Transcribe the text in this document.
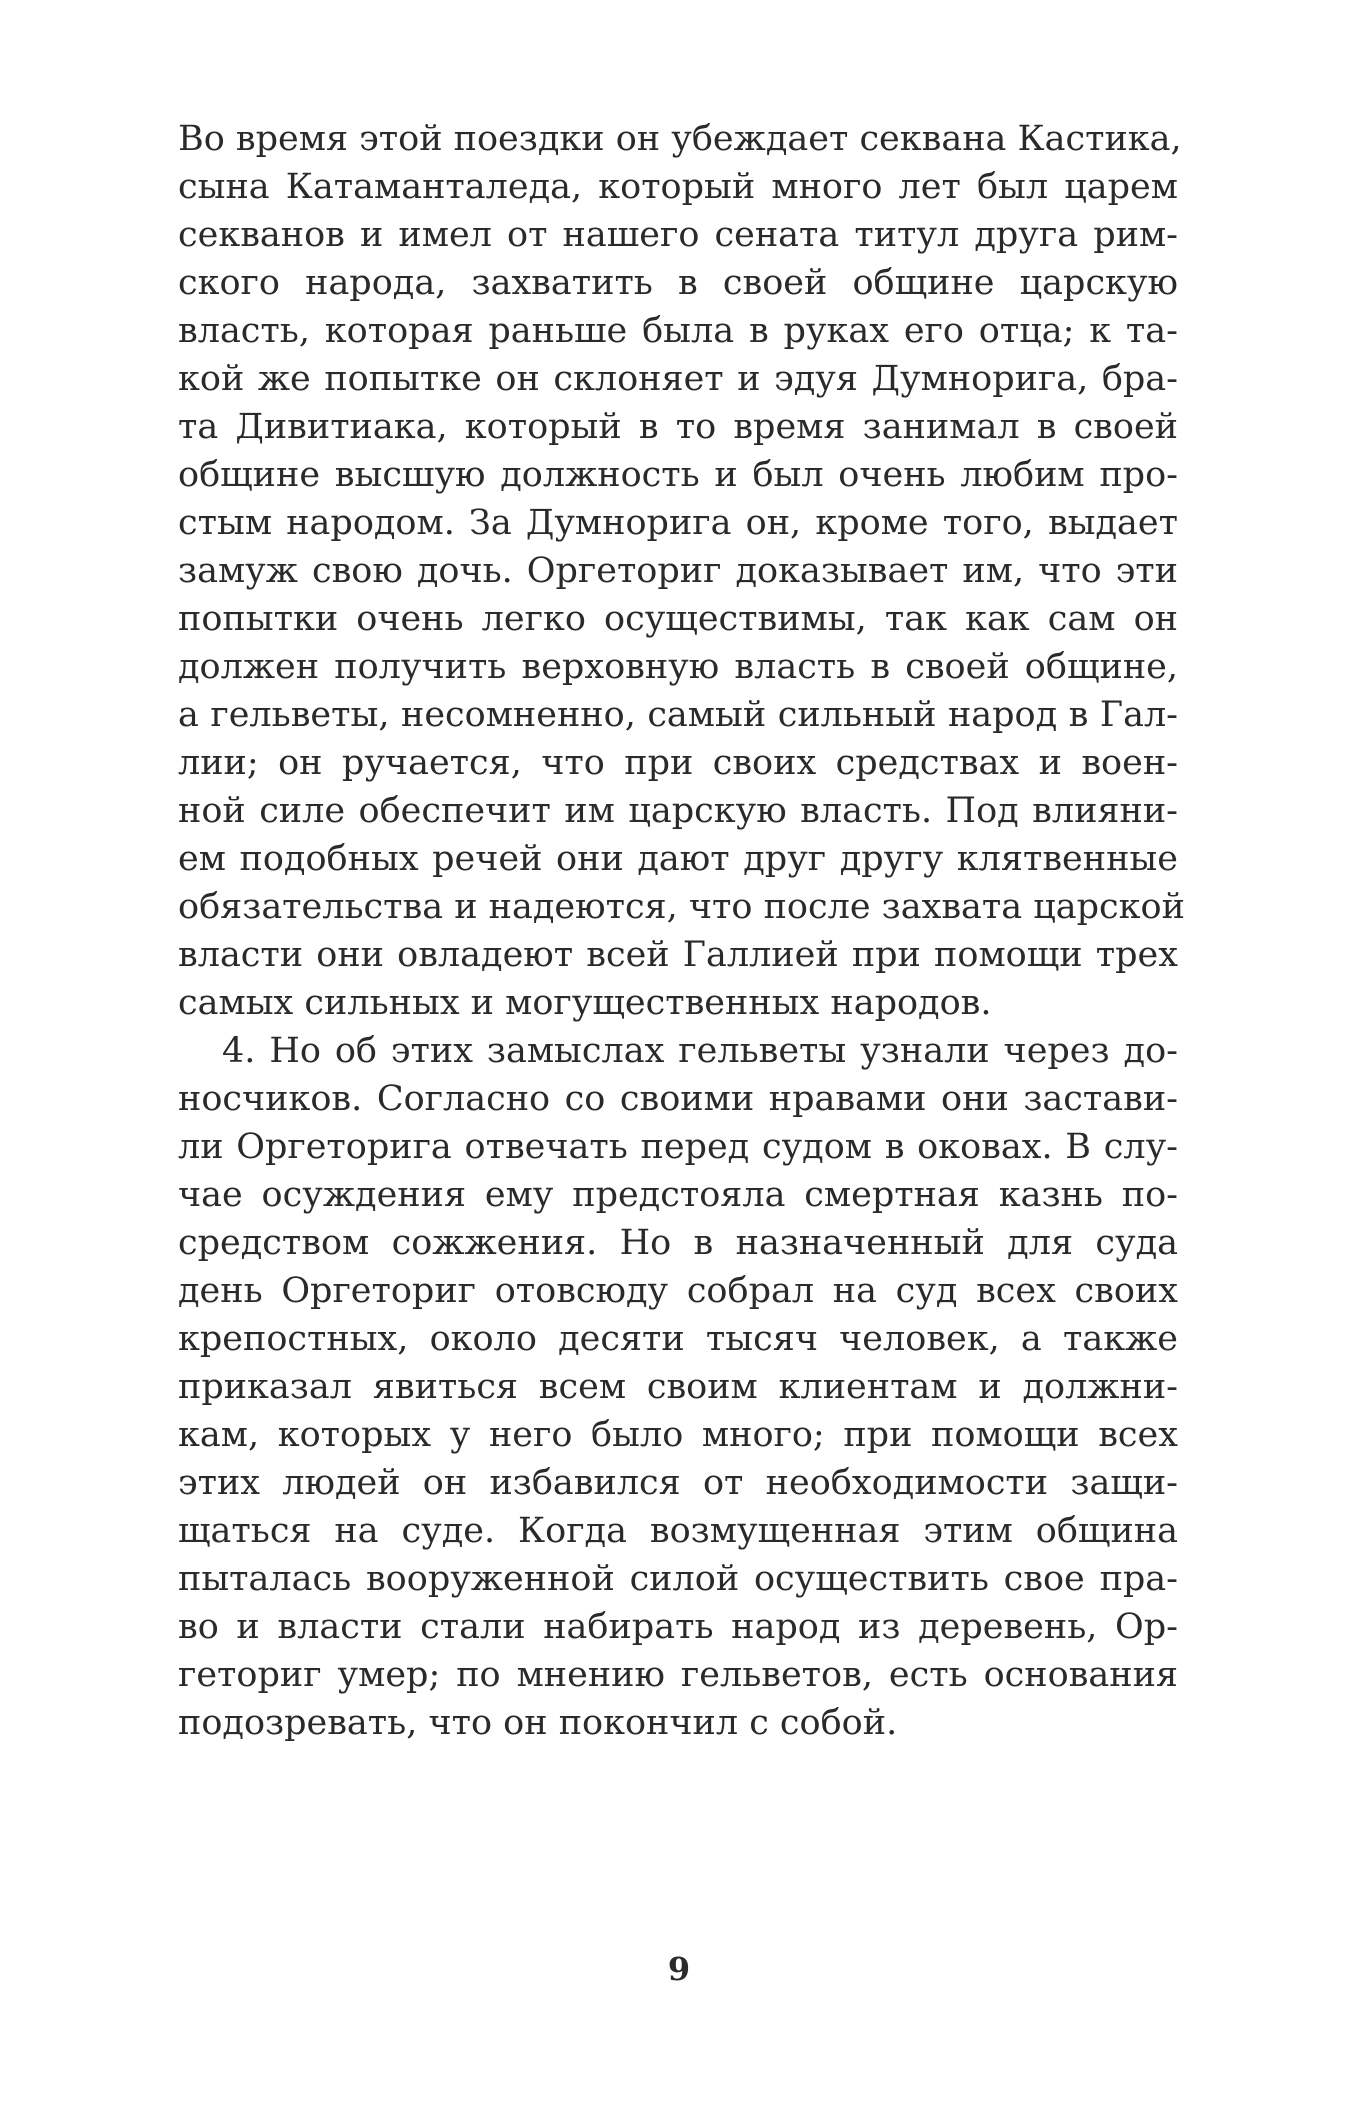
Во время этой поездки он убеждает секвана Кастика,
сына Катаманталеда, который много лет был царем
секванов и имел от нашего сената титул друга рим-
ского народа, захватить в своей общине царскую
власть, которая раньше была в руках его отца; к та-
кой же попытке он склоняет и эдуя Думнорига, бра-
та Дивитиака, который в то время занимал в своей
общине высшую должность и был очень любим про-
стым народом. За Думнорига он, кроме того, выдает
замуж свою дочь. Оргеториг доказывает им, что эти
попытки очень легко осуществимы, так как сам он
должен получить верховную власть в своей общине,
а гельветы, несомненно, самый сильный народ в Гал-
лии; он ручается, что при своих средствах и воен-
ной силе обеспечит им царскую власть. Под влияни-
ем подобных речей они дают друг другу клятвенные
обязательства и надеются, что после захвата царской
власти они овладеют всей Галлией при помощи трех
самых сильных и могущественных народов.
4. Но об этих замыслах гельветы узнали через до-
носчиков. Согласно со своими нравами они застави-
ли Оргеторига отвечать перед судом в оковах. В слу-
чае осуждения ему предстояла смертная казнь по-
средством сожжения. Но в назначенный для суда
день Оргеториг отовсюду собрал на суд всех своих
крепостных, около десяти тысяч человек, а также
приказал явиться всем своим клиентам и должни-
кам, которых у него было много; при помощи всех
этих людей он избавился от необходимости защи-
щаться на суде. Когда возмущенная этим община
пыталась вооруженной силой осуществить свое пра-
во и власти стали набирать народ из деревень, Ор-
геториг умер; по мнению гельветов, есть основания
подозревать, что он покончил с собой.
9
